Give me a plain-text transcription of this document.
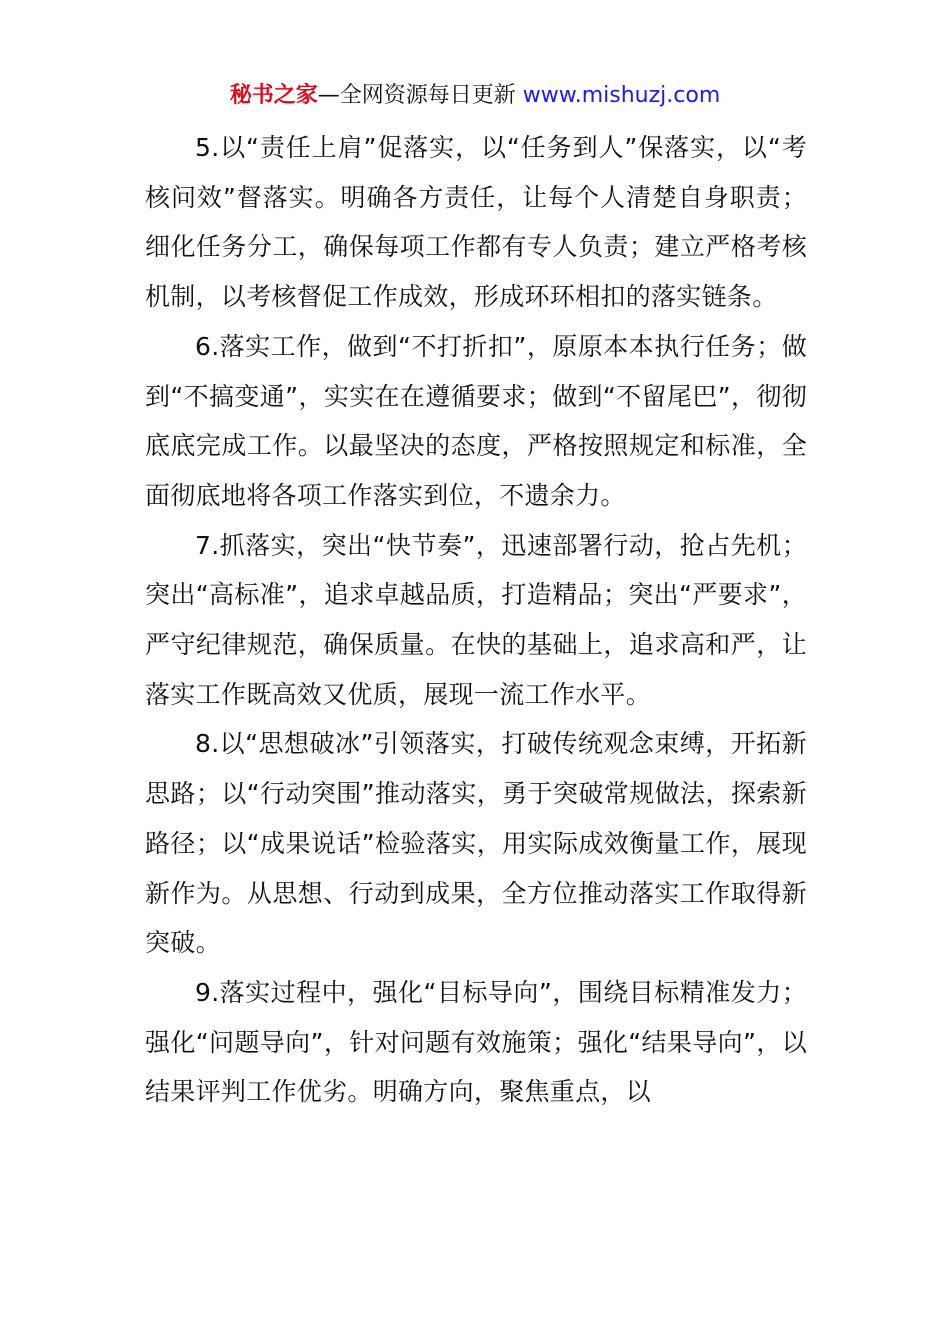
秘书之家—全网资源每日更新 www.mishuzj.com

5.以“责任上肩”促落实，以“任务到人”保落实，以“考核问效”督落实。明确各方责任，让每个人清楚自身职责；细化任务分工，确保每项工作都有专人负责；建立严格考核机制，以考核督促工作成效，形成环环相扣的落实链条。

6.落实工作，做到“不打折扣”，原原本本执行任务；做到“不搞变通”，实实在在遵循要求；做到“不留尾巴”，彻彻底底完成工作。以最坚决的态度，严格按照规定和标准，全面彻底地将各项工作落实到位，不遗余力。

7.抓落实，突出“快节奏”，迅速部署行动，抢占先机；突出“高标准”，追求卓越品质，打造精品；突出“严要求”，严守纪律规范，确保质量。在快的基础上，追求高和严，让落实工作既高效又优质，展现一流工作水平。

8.以“思想破冰”引领落实，打破传统观念束缚，开拓新思路；以“行动突围”推动落实，勇于突破常规做法，探索新路径；以“成果说话”检验落实，用实际成效衡量工作，展现新作为。从思想、行动到成果，全方位推动落实工作取得新突破。

9.落实过程中，强化“目标导向”，围绕目标精准发力；强化“问题导向”，针对问题有效施策；强化“结果导向”，以结果评判工作优劣。明确方向，聚焦重点，以
